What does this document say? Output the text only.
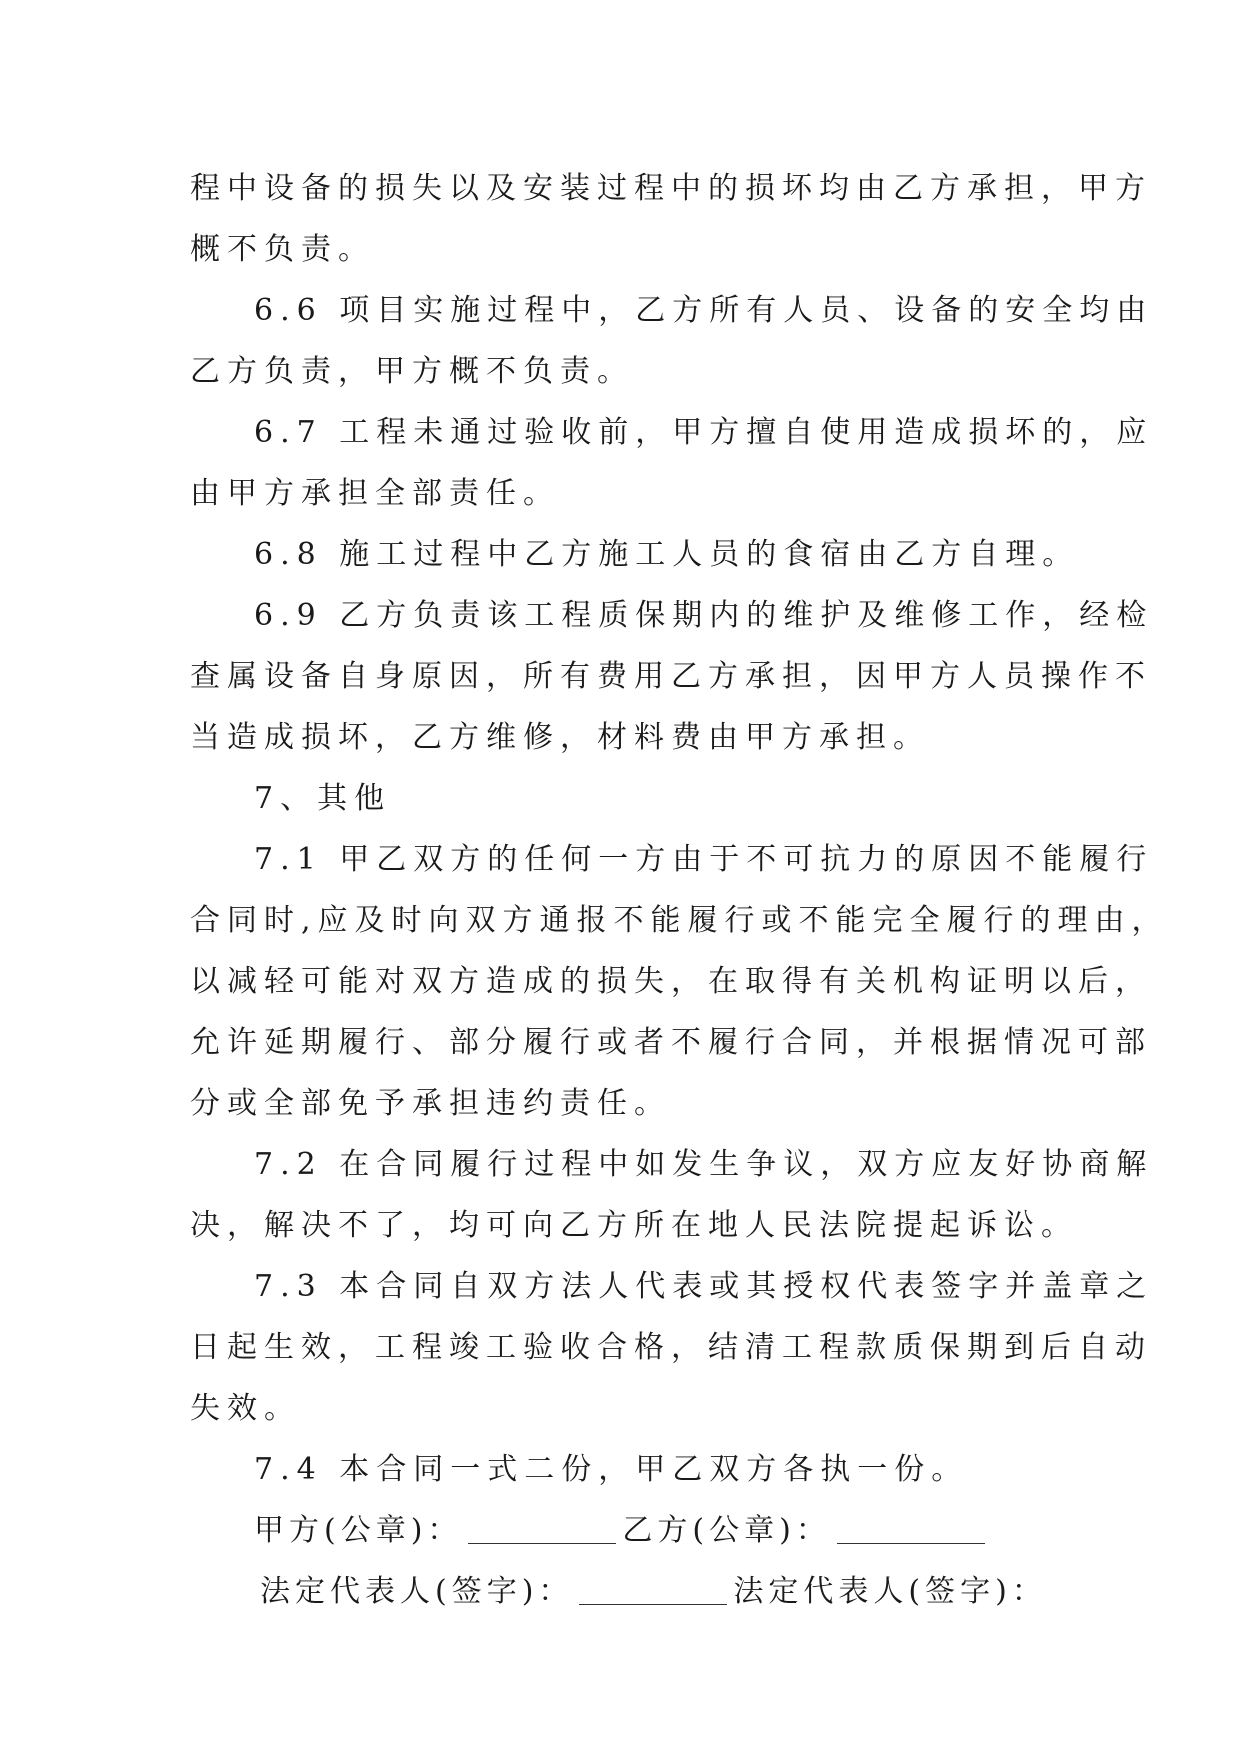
程中设备的损失以及安装过程中的损坏均由乙方承担，甲方
概不负责。
6.6 项目实施过程中，乙方所有人员、设备的安全均由
乙方负责，甲方概不负责。
6.7 工程未通过验收前，甲方擅自使用造成损坏的，应
由甲方承担全部责任。
6.8 施工过程中乙方施工人员的食宿由乙方自理。
6.9 乙方负责该工程质保期内的维护及维修工作，经检
查属设备自身原因，所有费用乙方承担，因甲方人员操作不
当造成损坏，乙方维修，材料费由甲方承担。
7、其他
7.1 甲乙双方的任何一方由于不可抗力的原因不能履行
合同时,应及时向双方通报不能履行或不能完全履行的理由，
以减轻可能对双方造成的损失，在取得有关机构证明以后，
允许延期履行、部分履行或者不履行合同，并根据情况可部
分或全部免予承担违约责任。
7.2 在合同履行过程中如发生争议，双方应友好协商解
决，解决不了，均可向乙方所在地人民法院提起诉讼。
7.3 本合同自双方法人代表或其授权代表签字并盖章之
日起生效，工程竣工验收合格，结清工程款质保期到后自动
失效。
7.4 本合同一式二份，甲乙双方各执一份。
甲方(公章)：	乙方(公章)：
法定代表人(签字)：	法定代表人(签字)：
